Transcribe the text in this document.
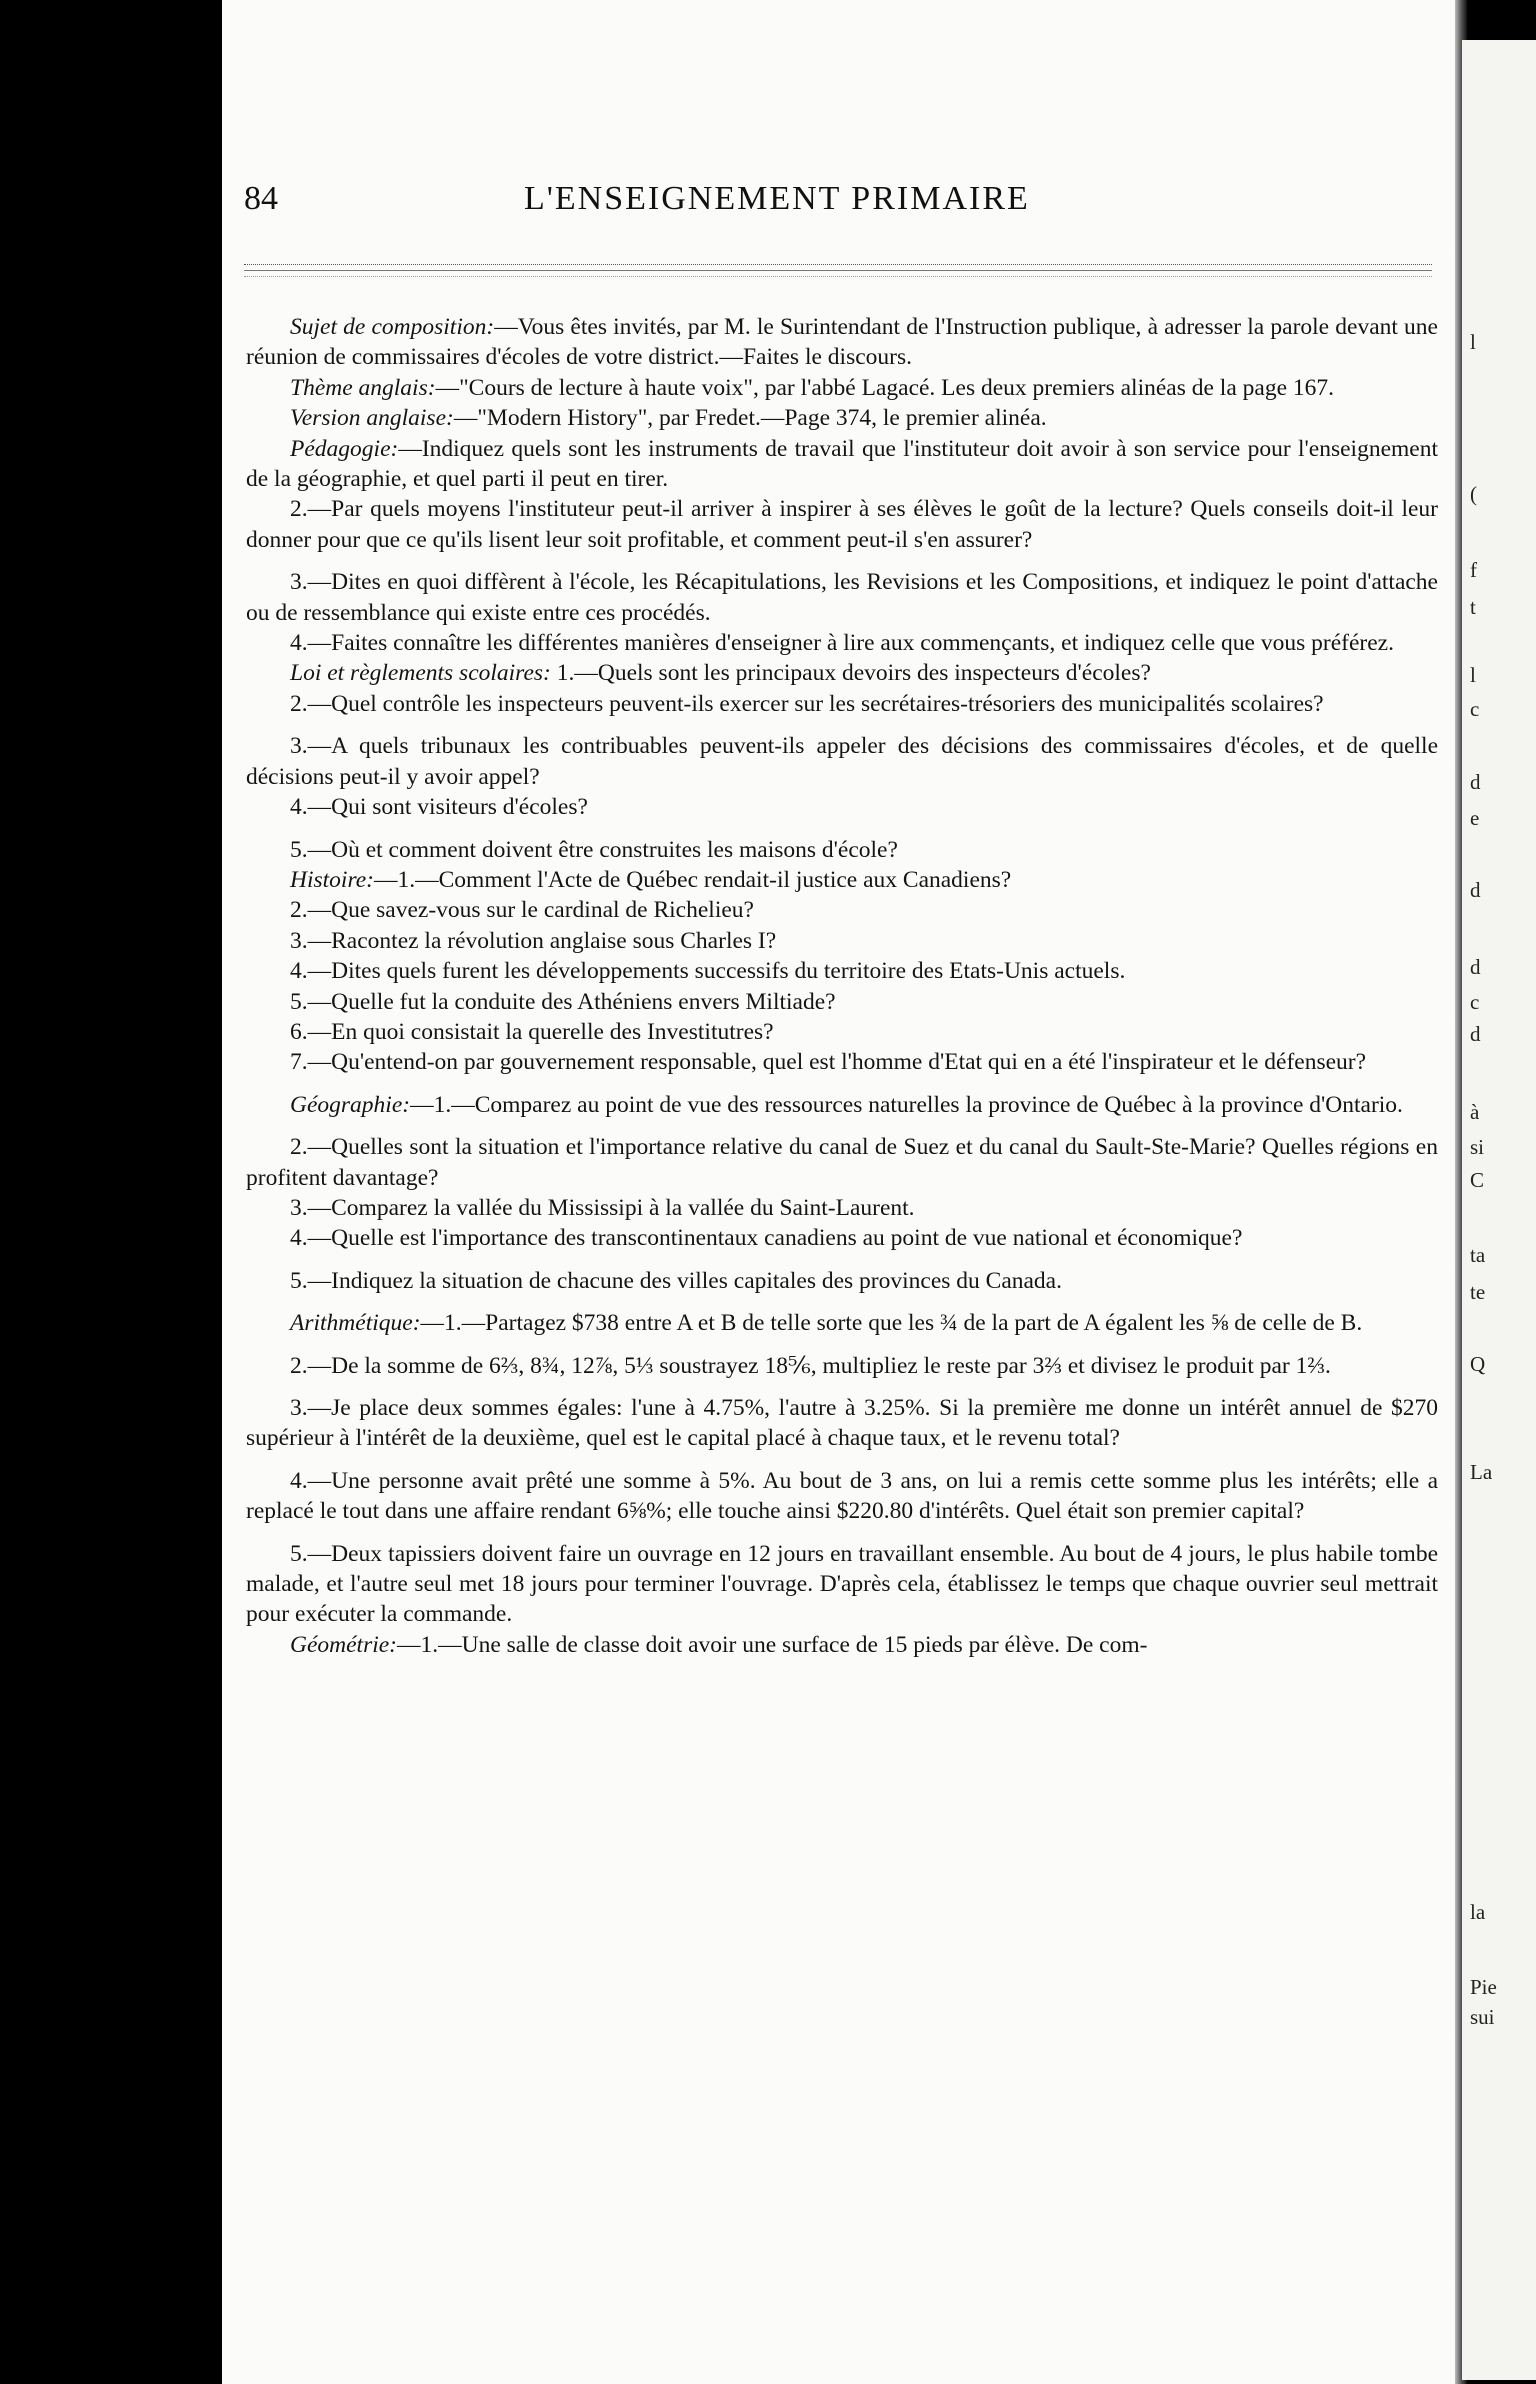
84	L'ENSEIGNEMENT PRIMAIRE

Sujet de composition:—Vous êtes invités, par M. le Surintendant de l'Instruction publique, à adresser la parole devant une réunion de commissaires d'écoles de votre district.—Faites le discours.

Thème anglais:—"Cours de lecture à haute voix", par l'abbé Lagacé. Les deux premiers alinéas de la page 167.

Version anglaise:—"Modern History", par Fredet.—Page 374, le premier alinéa.

Pédagogie:—Indiquez quels sont les instruments de travail que l'instituteur doit avoir à son service pour l'enseignement de la géographie, et quel parti il peut en tirer.

2.—Par quels moyens l'instituteur peut-il arriver à inspirer à ses élèves le goût de la lecture? Quels conseils doit-il leur donner pour que ce qu'ils lisent leur soit profitable, et comment peut-il s'en assurer?

3.—Dites en quoi diffèrent à l'école, les Récapitulations, les Revisions et les Compositions, et indiquez le point d'attache ou de ressemblance qui existe entre ces procédés.

4.—Faites connaître les différentes manières d'enseigner à lire aux commençants, et indiquez celle que vous préférez.

Loi et règlements scolaires: 1.—Quels sont les principaux devoirs des inspecteurs d'écoles?

2.—Quel contrôle les inspecteurs peuvent-ils exercer sur les secrétaires-trésoriers des municipalités scolaires?

3.—A quels tribunaux les contribuables peuvent-ils appeler des décisions des commissaires d'écoles, et de quelle décisions peut-il y avoir appel?

4.—Qui sont visiteurs d'écoles?

5.—Où et comment doivent être construites les maisons d'école?

Histoire:—1.—Comment l'Acte de Québec rendait-il justice aux Canadiens?

2.—Que savez-vous sur le cardinal de Richelieu?

3.—Racontez la révolution anglaise sous Charles I?

4.—Dites quels furent les développements successifs du territoire des Etats-Unis actuels.

5.—Quelle fut la conduite des Athéniens envers Miltiade?

6.—En quoi consistait la querelle des Investitutres?

7.—Qu'entend-on par gouvernement responsable, quel est l'homme d'Etat qui en a été l'inspirateur et le défenseur?

Géographie:—1.—Comparez au point de vue des ressources naturelles la province de Québec à la province d'Ontario.

2.—Quelles sont la situation et l'importance relative du canal de Suez et du canal du Sault-Ste-Marie? Quelles régions en profitent davantage?

3.—Comparez la vallée du Mississipi à la vallée du Saint-Laurent.

4.—Quelle est l'importance des transcontinentaux canadiens au point de vue national et économique?

5.—Indiquez la situation de chacune des villes capitales des provinces du Canada.

Arithmétique:—1.—Partagez $738 entre A et B de telle sorte que les ¾ de la part de A égalent les ⅝ de celle de B.

2.—De la somme de 6⅔, 8¾, 12⅞, 5⅓ soustrayez 18⅚, multipliez le reste par 3⅔ et divisez le produit par 1⅔.

3.—Je place deux sommes égales: l'une à 4.75%, l'autre à 3.25%. Si la première me donne un intérêt annuel de $270 supérieur à l'intérêt de la deuxième, quel est le capital placé à chaque taux, et le revenu total?

4.—Une personne avait prêté une somme à 5%. Au bout de 3 ans, on lui a remis cette somme plus les intérêts; elle a replacé le tout dans une affaire rendant 6⅝%; elle touche ainsi $220.80 d'intérêts. Quel était son premier capital?

5.—Deux tapissiers doivent faire un ouvrage en 12 jours en travaillant ensemble. Au bout de 4 jours, le plus habile tombe malade, et l'autre seul met 18 jours pour terminer l'ouvrage. D'après cela, établissez le temps que chaque ouvrier seul mettrait pour exécuter la commande.

Géométrie:—1.—Une salle de classe doit avoir une surface de 15 pieds par élève. De com-

l
(
f
t
l
c
d
e
d
d
c
d
à
si
C
ta
te
Q
La
la
Pie
sui
